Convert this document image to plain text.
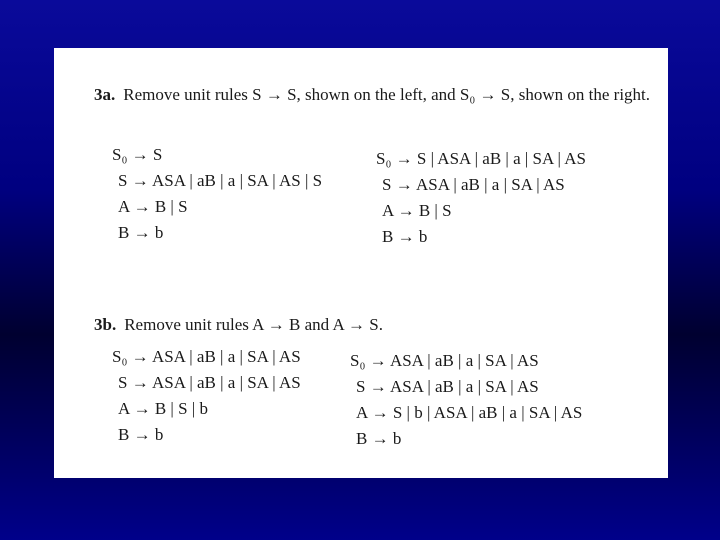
3a. Remove unit rules S → S, shown on the left, and S₀ → S, shown on the right.
S₀ → S
S → ASA | aB | a | SA | AS | S
A → B | S
B → b
S₀ → S | ASA | aB | a | SA | AS
S → ASA | aB | a | SA | AS
A → B | S
B → b
3b. Remove unit rules A → B and A → S.
S₀ → ASA | aB | a | SA | AS
S → ASA | aB | a | SA | AS
A → B | S | b
B → b
S₀ → ASA | aB | a | SA | AS
S → ASA | aB | a | SA | AS
A → S | b | ASA | aB | a | SA | AS
B → b
